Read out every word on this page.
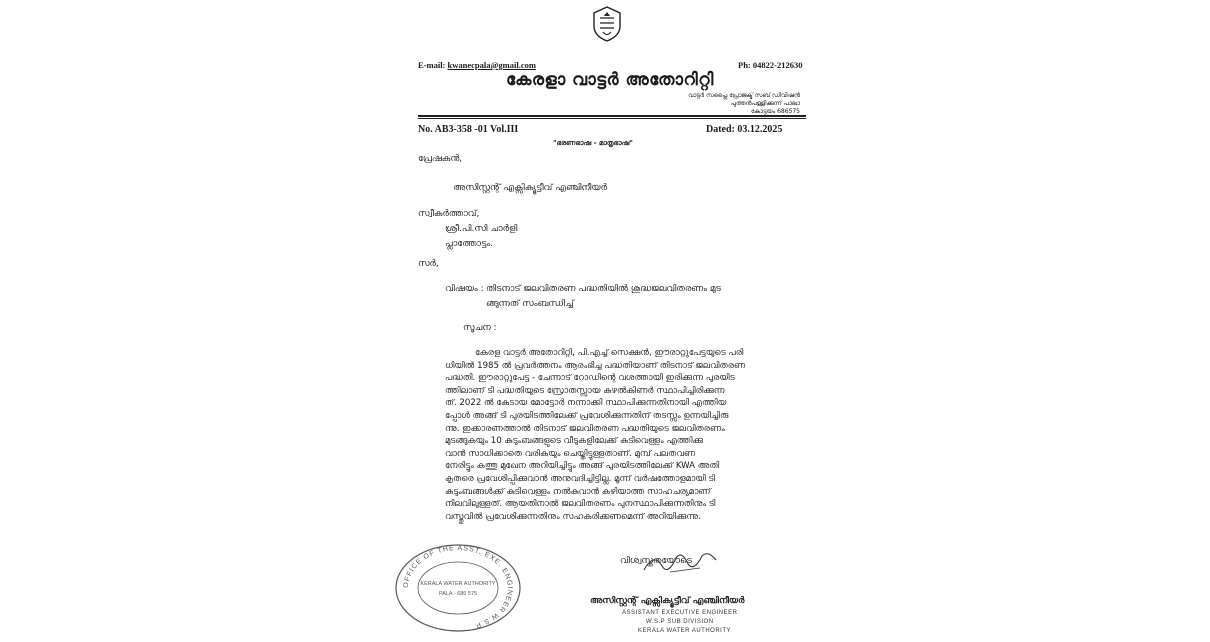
E-mail: kwanecpala@gmail.com	Ph: 04822-212630
കേരളാ വാട്ടർ അതോറിറ്റി
വാട്ടർ സപ്ലൈ പ്രോജക്ട് സബ് ഡിവിഷൻ
പുത്തൻപള്ളിക്കുന്ന് പാലാ
കോട്ടയം 686575
No. AB3-358 -01 Vol.III	Dated: 03.12.2025
"ഭരണഭാഷ - മാതൃഭാഷ"
പ്രേഷകൻ,
അസിസ്റ്റന്റ് എക്സിക്യൂട്ടീവ് എഞ്ചിനീയർ
സ്വീകർത്താവ്,
ശ്രീ.പി.സി ചാർളി
പ്ലാത്തോട്ടം.
സർ,
വിഷയം : തിടനാട് ജലവിതരണ പദ്ധതിയിൽ ശുദ്ധജലവിതരണം മുട
ങ്ങുന്നത് സംബന്ധിച്ച്
സൂചന :
കേരള വാട്ടർ അതോറിറ്റി, പി.എച്ച് സെക്ഷൻ, ഈരാറ്റുപേട്ടയുടെ പരി
ധിയിൽ 1985 ൽ പ്രവർത്തനം ആരംഭിച്ച പദ്ധതിയാണ് തിടനാട് ജലവിതരണ
പദ്ധതി. ഈരാറ്റുപേട്ട - ചേന്നാട് റോഡിന്റെ വശത്തായി ഇരിക്കുന്ന പുരയിട
ത്തിലാണ് ടി പദ്ധതിയുടെ സ്രോതസ്സായ കുഴൽകിണർ സ്ഥാപിച്ചിരിക്കുന്ന
ത്. 2022 ൽ കേടായ മോട്ടോർ നന്നാക്കി സ്ഥാപിക്കുന്നതിനായി എത്തിയ
പ്പോൾ അങ്ങ് ടി പുരയിടത്തിലേക്ക് പ്രവേശിക്കുന്നതിന് തടസ്സം ഉന്നയിച്ചിരു
ന്നു. ഇക്കാരണത്താൽ തിടനാട് ജലവിതരണ പദ്ധതിയുടെ ജലവിതരണം
മുടങ്ങുകയും 10 കുടുംബങ്ങളുടെ വീടുകളിലേക്ക് കുടിവെള്ളം എത്തിക്കു
വാൻ സാധിക്കാതെ വരികയും ചെയ്തിട്ടുള്ളതാണ്. മുമ്പ് പലതവണ
നേരിട്ടും കത്തു മുഖേന അറിയിച്ചിട്ടും അങ്ങ് പുരയിടത്തിലേക്ക് KWA അതി
കൃതരെ പ്രവേശിപ്പിക്കുവാൻ അനുവദിച്ചിട്ടില്ല. മൂന്ന് വർഷത്തോളമായി ടി
കുടുംബങ്ങൾക്ക് കുടിവെള്ളം നൽകുവാൻ കഴിയാത്ത സാഹചര്യമാണ്
നിലവിലുള്ളത്. ആയതിനാൽ ജലവിതരണം പുനസ്ഥാപിക്കുന്നതിനും ടി
വസ്തുവിൽ പ്രവേശിക്കുന്നതിനും സഹകരിക്കണമെന്ന് അറിയിക്കുന്നു.
വിശ്വസ്തതയോടെ
അസിസ്റ്റന്റ് എക്സിക്യൂട്ടീവ് എഞ്ചിനീയർ
ASSISTANT EXECUTIVE ENGINEER
W.S.P SUB DIVISION
KERALA WATER AUTHORITY
OFFICE OF THE ASST. EXE. ENGINEER W.S.P
KERALA WATER AUTHORITY
PALA - 686 575
